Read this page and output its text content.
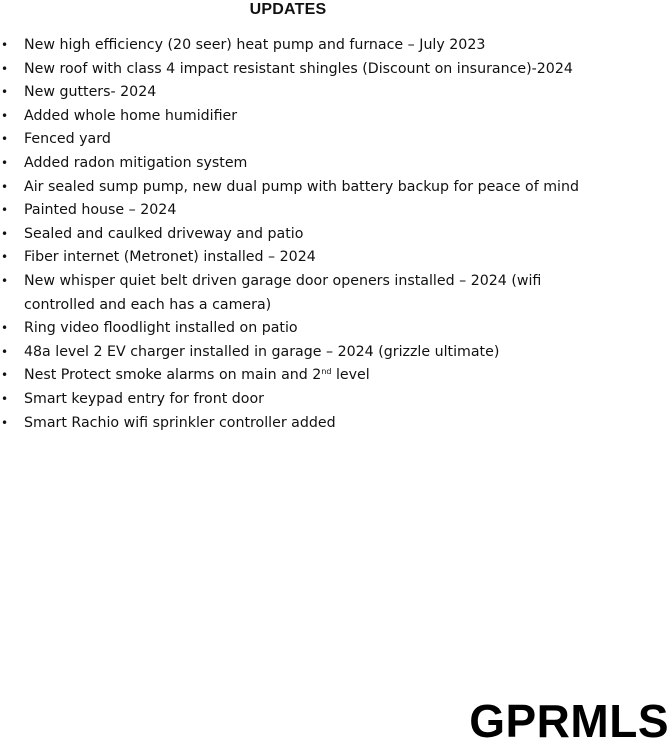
UPDATES
• New high efficiency (20 seer) heat pump and furnace – July 2023
• New roof with class 4 impact resistant shingles (Discount on insurance)-2024
• New gutters- 2024
• Added whole home humidifier
• Fenced yard
• Added radon mitigation system
• Air sealed sump pump, new dual pump with battery backup for peace of mind
• Painted house – 2024
• Sealed and caulked driveway and patio
• Fiber internet (Metronet) installed – 2024
• New whisper quiet belt driven garage door openers installed – 2024 (wifi controlled and each has a camera)
• Ring video floodlight installed on patio
• 48a level 2 EV charger installed in garage – 2024 (grizzle ultimate)
• Nest Protect smoke alarms on main and 2nd level
• Smart keypad entry for front door
• Smart Rachio wifi sprinkler controller added
GPRMLS
